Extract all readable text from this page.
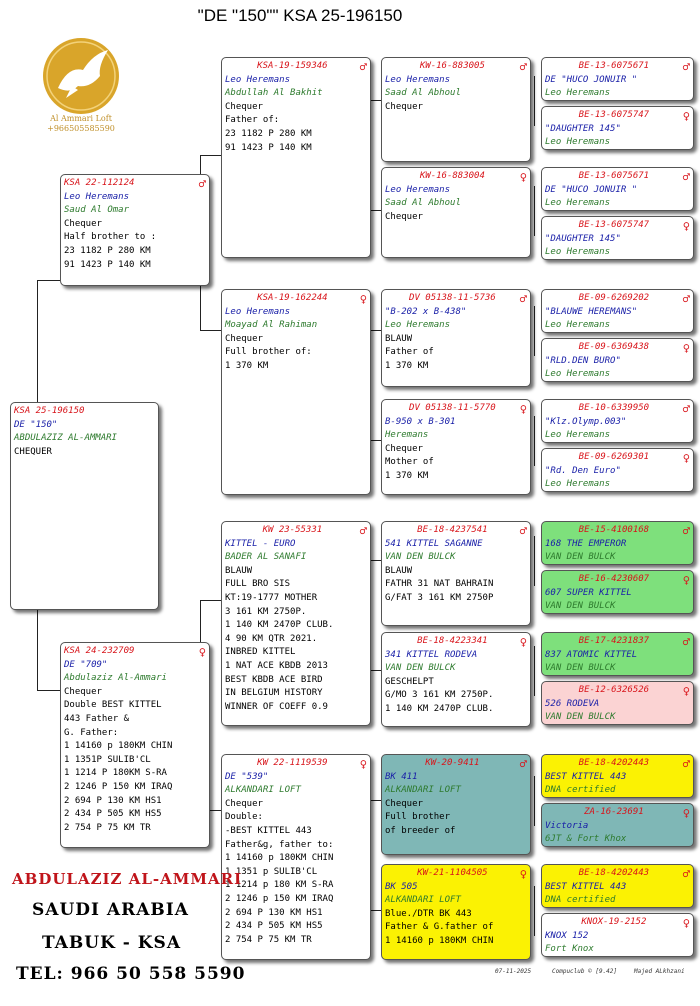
"DE "150"" KSA 25-196150
Al Ammari Loft
+966505585590
KSA 25-196150
DE "150"
ABDULAZIZ AL-AMMARI
CHEQUER
KSA 22-112124	♂
Leo Heremans
Saud Al Omar
Chequer
Half brother to :
23 1182 P 280 KM
91 1423 P 140 KM
KSA 24-232709	♀
DE "709"
Abdulaziz Al-Ammari
Chequer
Double BEST KITTEL
443 Father &
G. Father:
1 14160 p 180KM CHIN
1 1351P SULIB'CL
1 1214 P 180KM S-RA
2 1246 P 150 KM IRAQ
2 694 P 130 KM HS1
2 434 P 505 KM HS5
2 754 P 75 KM TR
KSA-19-159346	♂
Leo Heremans
Abdullah Al Bakhit
Chequer
Father of:
23 1182 P 280 KM
91 1423 P 140 KM
KSA-19-162244	♀
Leo Heremans
Moayad Al Rahiman
Chequer
Full brother of:
1 370 KM
KW 23-55331	♂
KITTEL - EURO
BADER AL SANAFI
BLAUW
FULL BRO SIS
KT:19-1777 MOTHER
3 161 KM 2750P.
1 140 KM 2470P CLUB.
4 90 KM QTR 2021.
INBRED KITTEL
1 NAT ACE KBDB 2013
BEST KBDB ACE BIRD
IN BELGIUM HISTORY
WINNER OF COEFF 0.9
KW 22-1119539	♀
DE "539"
ALKANDARI LOFT
Chequer
Double:
-BEST KITTEL 443
Father&g, father to:
1 14160 p 180KM CHIN
1 1351 p SULIB'CL
1 1214 p 180 KM S-RA
2 1246 p 150 KM IRAQ
2 694 P 130 KM HS1
2 434 P 505 KM HS5
2 754 P 75 KM TR
KW-16-883005	♂
Leo Heremans
Saad Al Abhoul
Chequer
KW-16-883004	♀
Leo Heremans
Saad Al Abhoul
Chequer
DV 05138-11-5736	♂
"B-202 x B-438"
Leo Heremans
BLAUW
Father of
1 370 KM
DV 05138-11-5770	♀
B-950 x B-301
Heremans
Chequer
Mother of
1 370 KM
BE-18-4237541	♂
541 KITTEL SAGANNE
VAN DEN BULCK
BLAUW
FATHR 31 NAT BAHRAIN
G/FAT 3 161 KM 2750P
BE-18-4223341	♀
341 KITTEL RODEVA
VAN DEN BULCK
GESCHELPT
G/MO 3 161 KM 2750P.
1 140 KM 2470P CLUB.
KW-20-9411	♂
BK 411
ALKANDARI LOFT
Chequer
Full brother
of breeder of
KW-21-1104505	♀
BK 505
ALKANDARI LOFT
Blue./DTR BK 443
Father & G.father of
1 14160 p 180KM CHIN
BE-13-6075671	♂
DE "HUCO JONUIR "
Leo Heremans
BE-13-6075747	♀
"DAUGHTER 145"
Leo Heremans
BE-13-6075671	♂
DE "HUCO JONUIR "
Leo Heremans
BE-13-6075747	♀
"DAUGHTER 145"
Leo Heremans
BE-09-6269202	♂
"BLAUWE HEREMANS"
Leo Heremans
BE-09-6369438	♀
"RLD.DEN BURO"
Leo Heremans
BE-10-6339950	♂
"Klz.Olymp.003"
Leo Heremans
BE-09-6269301	♀
"Rd. Den Euro"
Leo Heremans
BE-15-4100168	♂
168 THE EMPEROR
VAN DEN BULCK
BE-16-4230607	♀
607 SUPER KITTEL
VAN DEN BULCK
BE-17-4231837	♂
837 ATOMIC KITTEL
VAN DEN BULCK
BE-12-6326526	♀
526 RODEVA
VAN DEN BULCK
BE-18-4202443	♂
BEST KITTEL 443
DNA certified
ZA-16-23691	♀
Victoria
6JT & Fort Khox
BE-18-4202443	♂
BEST KITTEL 443
DNA certified
KNOX-19-2152	♀
KNOX 152
Fort Knox
ABDULAZIZ AL-AMMARI
SAUDI ARABIA
TABUK - KSA
TEL: 966 50 558 5590	07-11-2025	Compuclub © [9.42]	Majed ALkhzani
